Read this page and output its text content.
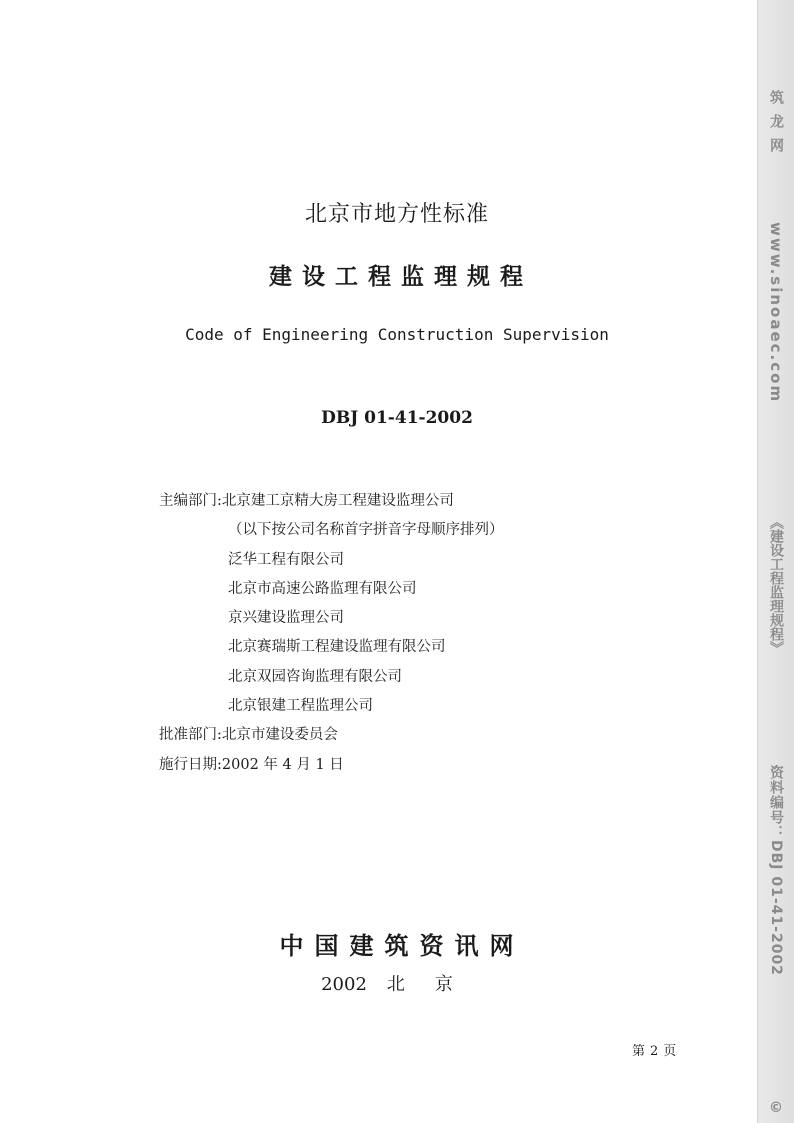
北京市地方性标准
建设工程监理规程
Code of Engineering Construction Supervision
DBJ 01-41-2002
主编部门: 北京建工京精大房工程建设监理公司
（以下按公司名称首字拼音字母顺序排列）
泛华工程有限公司
北京市高速公路监理有限公司
京兴建设监理公司
北京赛瑞斯工程建设监理有限公司
北京双园咨询监理有限公司
北京银建工程监理公司
批准部门: 北京市建设委员会
施行日期: 2002 年 4 月 1 日
中国建筑资讯网
2002 北京
第 2 页
筑龙网
www.sinoaec.com
《建设工程监理规程》
资料编号：DBJ 01-41-2002
©
